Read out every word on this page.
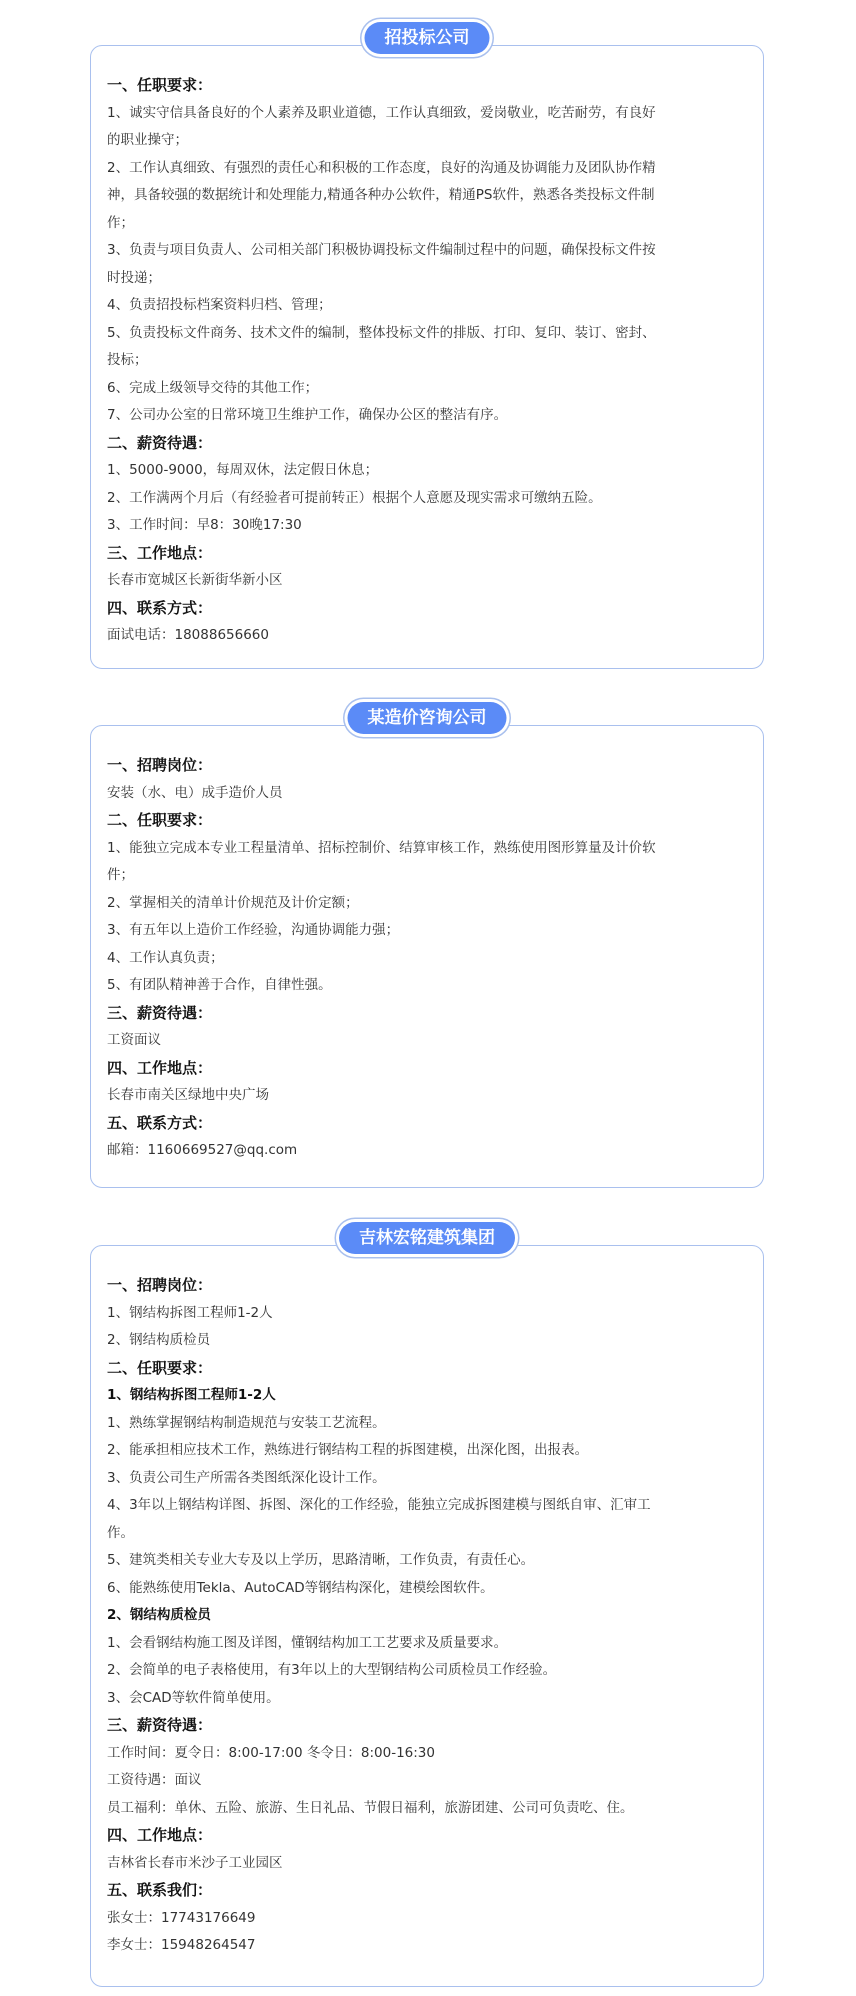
招投标公司
一、任职要求：
1、诚实守信具备良好的个人素养及职业道德，工作认真细致，爱岗敬业，吃苦耐劳，有良好
的职业操守；
2、工作认真细致、有强烈的责任心和积极的工作态度，良好的沟通及协调能力及团队协作精
神，具备较强的数据统计和处理能力,精通各种办公软件，精通PS软件，熟悉各类投标文件制
作；
3、负责与项目负责人、公司相关部门积极协调投标文件编制过程中的问题，确保投标文件按
时投递；
4、负责招投标档案资料归档、管理；
5、负责投标文件商务、技术文件的编制，整体投标文件的排版、打印、复印、装订、密封、
投标；
6、完成上级领导交待的其他工作；
7、公司办公室的日常环境卫生维护工作，确保办公区的整洁有序。
二、薪资待遇：
1、5000-9000，每周双休，法定假日休息；
2、工作满两个月后（有经验者可提前转正）根据个人意愿及现实需求可缴纳五险。
3、工作时间：早8：30晚17:30
三、工作地点：
长春市宽城区长新街华新小区
四、联系方式：
面试电话：18088656660
某造价咨询公司
一、招聘岗位：
安装（水、电）成手造价人员
二、任职要求：
1、能独立完成本专业工程量清单、招标控制价、结算审核工作，熟练使用图形算量及计价软
件；
2、掌握相关的清单计价规范及计价定额；
3、有五年以上造价工作经验，沟通协调能力强；
4、工作认真负责；
5、有团队精神善于合作，自律性强。
三、薪资待遇：
工资面议
四、工作地点：
长春市南关区绿地中央广场
五、联系方式：
邮箱：1160669527@qq.com
吉林宏铭建筑集团
一、招聘岗位：
1、钢结构拆图工程师1-2人
2、钢结构质检员
二、任职要求：
1、钢结构拆图工程师1-2人
1、熟练掌握钢结构制造规范与安装工艺流程。
2、能承担相应技术工作，熟练进行钢结构工程的拆图建模，出深化图，出报表。
3、负责公司生产所需各类图纸深化设计工作。
4、3年以上钢结构详图、拆图、深化的工作经验，能独立完成拆图建模与图纸自审、汇审工
作。
5、建筑类相关专业大专及以上学历，思路清晰，工作负责，有责任心。
6、能熟练使用Tekla、AutoCAD等钢结构深化，建模绘图软件。
2、钢结构质检员
1、会看钢结构施工图及详图，懂钢结构加工工艺要求及质量要求。
2、会简单的电子表格使用，有3年以上的大型钢结构公司质检员工作经验。
3、会CAD等软件简单使用。
三、薪资待遇：
工作时间：夏令日：8:00-17:00 冬令日：8:00-16:30
工资待遇：面议
员工福利：单休、五险、旅游、生日礼品、节假日福利，旅游团建、公司可负责吃、住。
四、工作地点：
吉林省长春市米沙子工业园区
五、联系我们：
张女士：17743176649
李女士：15948264547
